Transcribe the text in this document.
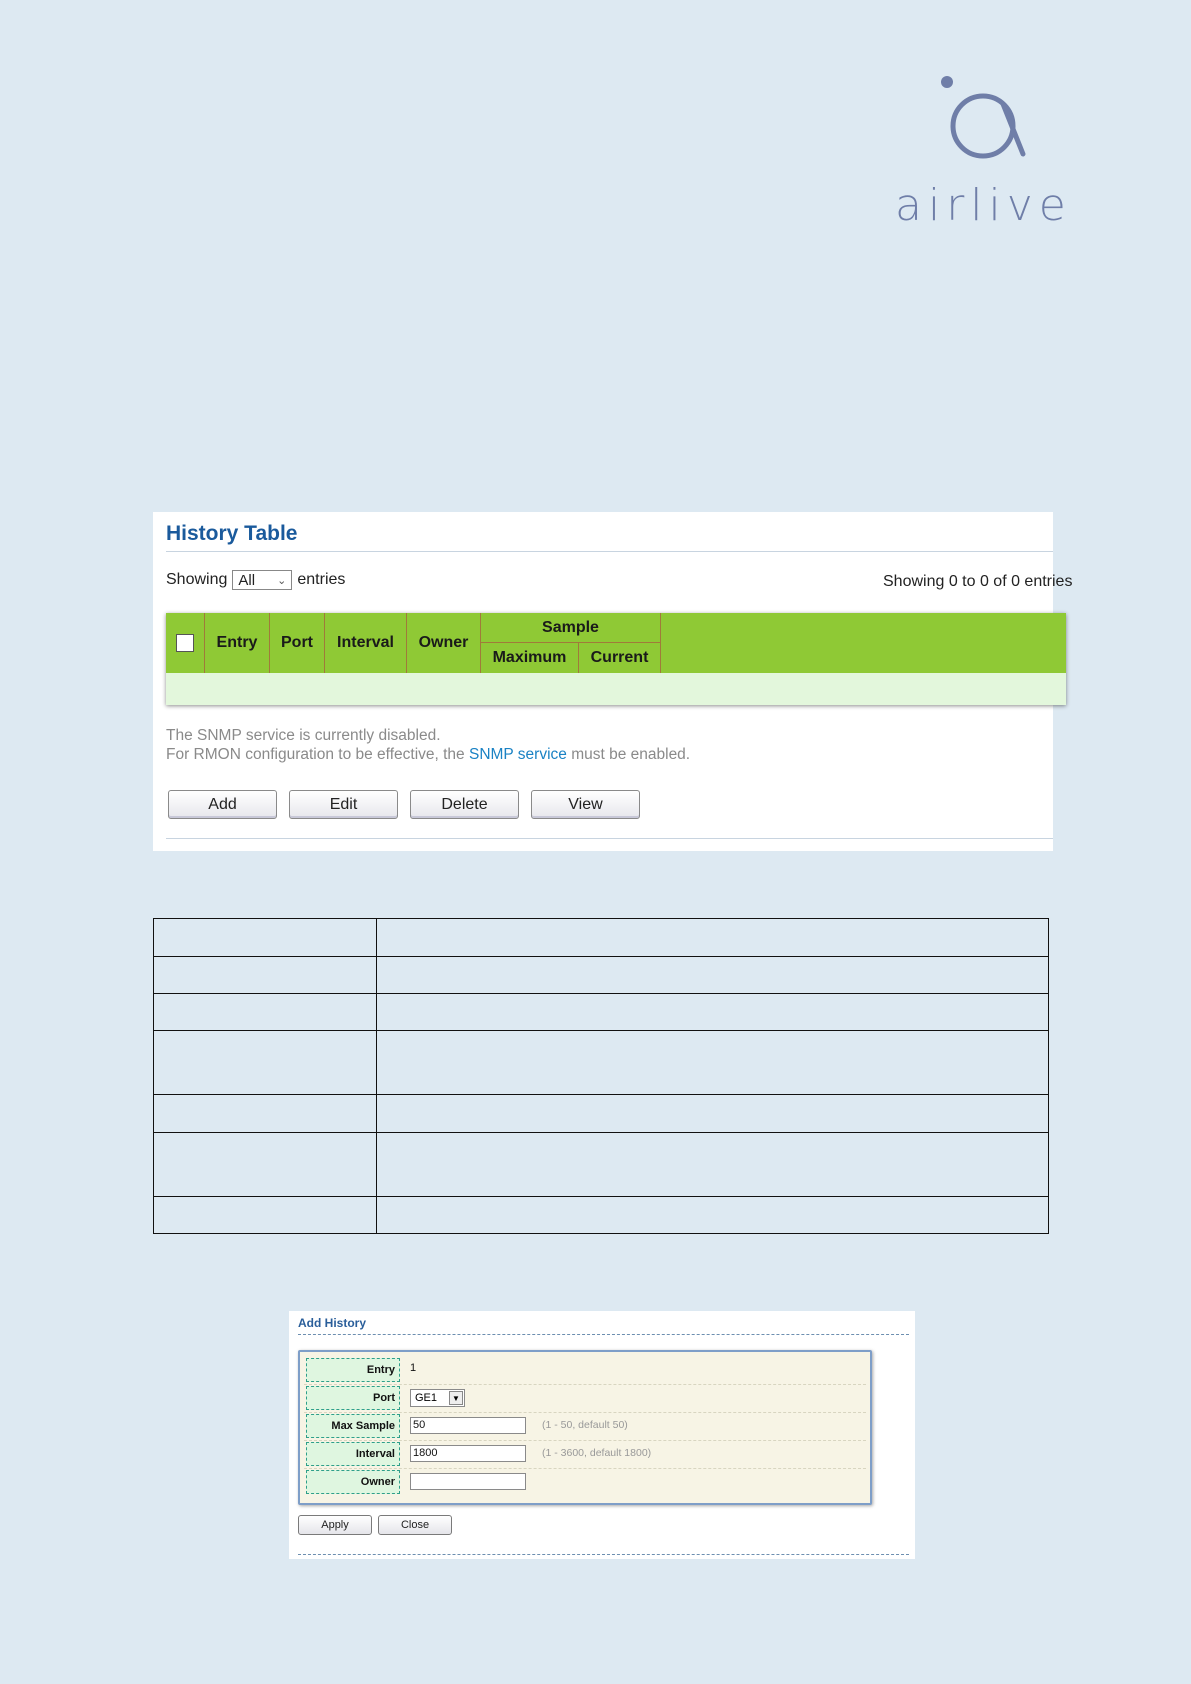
airlive
History Table
Showing All ⌄ entries	Showing 0 to 0 of 0 entries
Entry	Port	Interval	Owner
Sample
Maximum	Current
The SNMP service is currently disabled.
For RMON configuration to be effective, the SNMP service must be enabled.
Add	Edit	Delete	View

Add History
Entry	1
Port	GE1	▼
Max Sample	50	(1 - 50, default 50)
Interval	1800	(1 - 3600, default 1800)
Owner
Apply	Close
